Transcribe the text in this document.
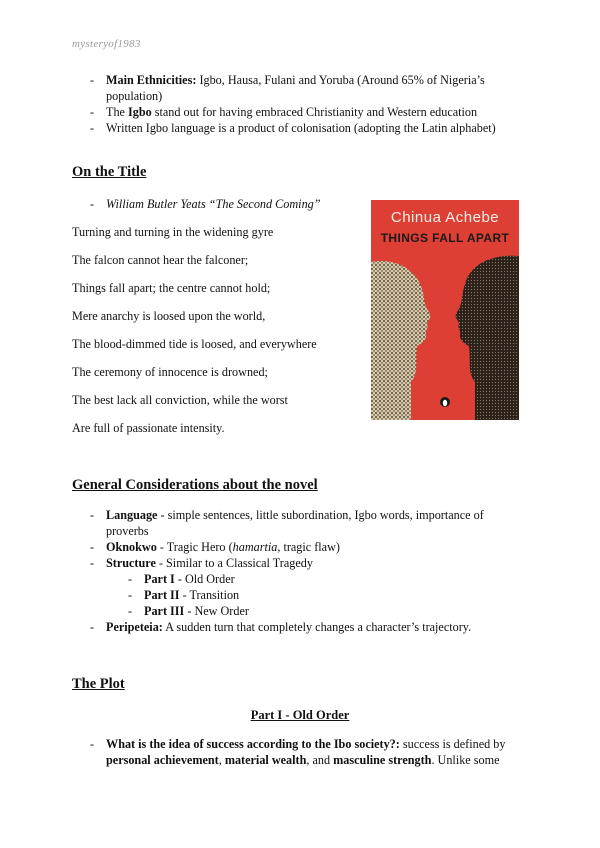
mysteryof1983
- Main Ethnicities: Igbo, Hausa, Fulani and Yoruba (Around 65% of Nigeria’s population)
- The Igbo stand out for having embraced Christianity and Western education
- Written Igbo language is a product of colonisation (adopting the Latin alphabet)
On the Title
- William Butler Yeats “The Second Coming”
Turning and turning in the widening gyre
The falcon cannot hear the falconer;
Things fall apart; the centre cannot hold;
Mere anarchy is loosed upon the world,
The blood-dimmed tide is loosed, and everywhere
The ceremony of innocence is drowned;
The best lack all conviction, while the worst
Are full of passionate intensity.
Chinua Achebe
THINGS FALL APART
General Considerations about the novel
- Language - simple sentences, little subordination, Igbo words, importance of proverbs
- Oknokwo - Tragic Hero (hamartia, tragic flaw)
- Structure - Similar to a Classical Tragedy
- Part I - Old Order
- Part II - Transition
- Part III - New Order
- Peripeteia: A sudden turn that completely changes a character’s trajectory.
The Plot
Part I - Old Order
- What is the idea of success according to the Ibo society?: success is defined by personal achievement, material wealth, and masculine strength. Unlike some
